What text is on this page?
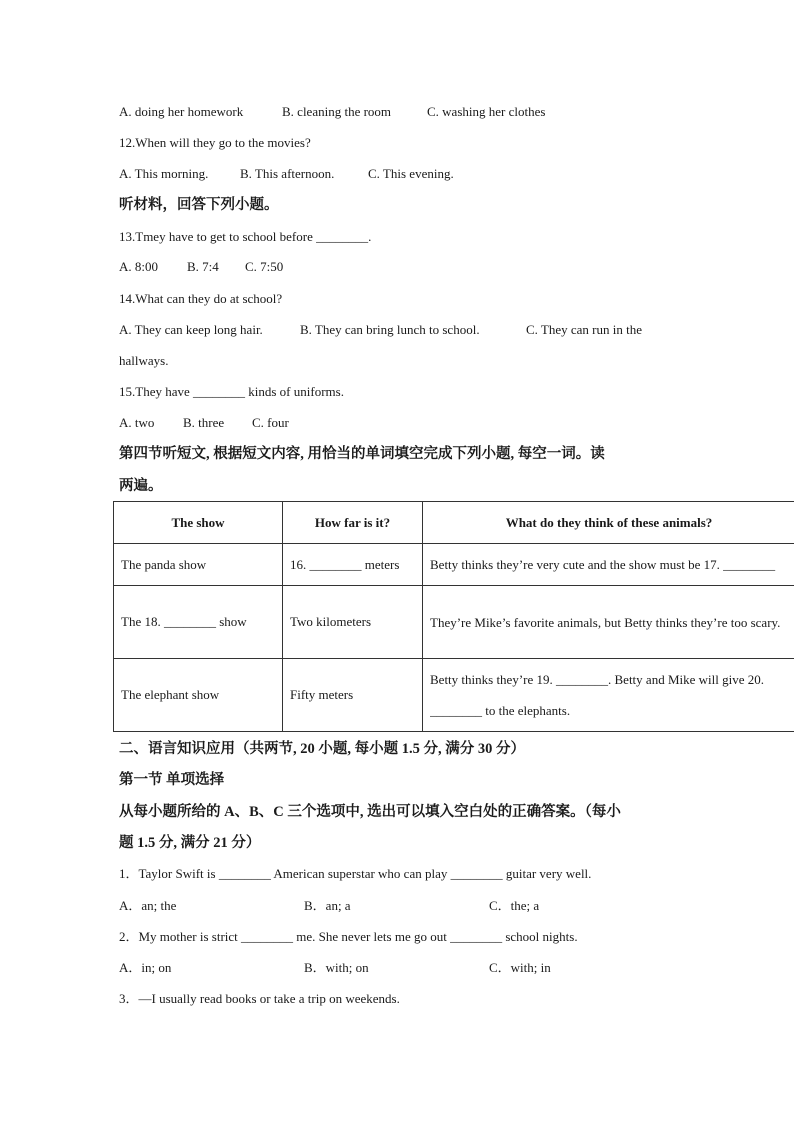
A. doing her homework	B. cleaning the room	C. washing her clothes
12.When will they go to the movies?
A. This morning. B. This afternoon.	C. This evening.
听材料，回答下列小题。
13.Tmey have to get to school before ________.
A. 8:00 B. 7:4 C. 7:50
14.What can they do at school?
A. They can keep long hair.	B. They can bring lunch to school.	C. They can run in the
hallways.
15.They have ________ kinds of uniforms.
A. two B. three C. four
第四节听短文, 根据短文内容, 用恰当的单词填空完成下列小题, 每空一词。读
两遍。
The show	How far is it?	What do they think of these animals?

The panda show	16. ________ meters	Betty thinks they’re very cute and the show must be 17. ________

The 18. ________ show	Two kilometers	They’re Mike’s favorite animals, but Betty thinks they’re too scary.

The elephant show	Fifty meters	Betty thinks they’re 19. ________. Betty and Mike will give 20. ________ to the elephants.
二、语言知识应用（共两节, 20 小题, 每小题 1.5 分, 满分 30 分）
第一节 单项选择
从每小题所给的 A、B、C 三个选项中, 选出可以填入空白处的正确答案。（每小
题 1.5 分, 满分 21 分）
1．Taylor Swift is ________ American superstar who can play ________ guitar very well.
A．an; the	B．an; a	C．the; a
2．My mother is strict ________ me. She never lets me go out ________ school nights.
A．in; on	B．with; on	C．with; in
3．—I usually read books or take a trip on weekends.
